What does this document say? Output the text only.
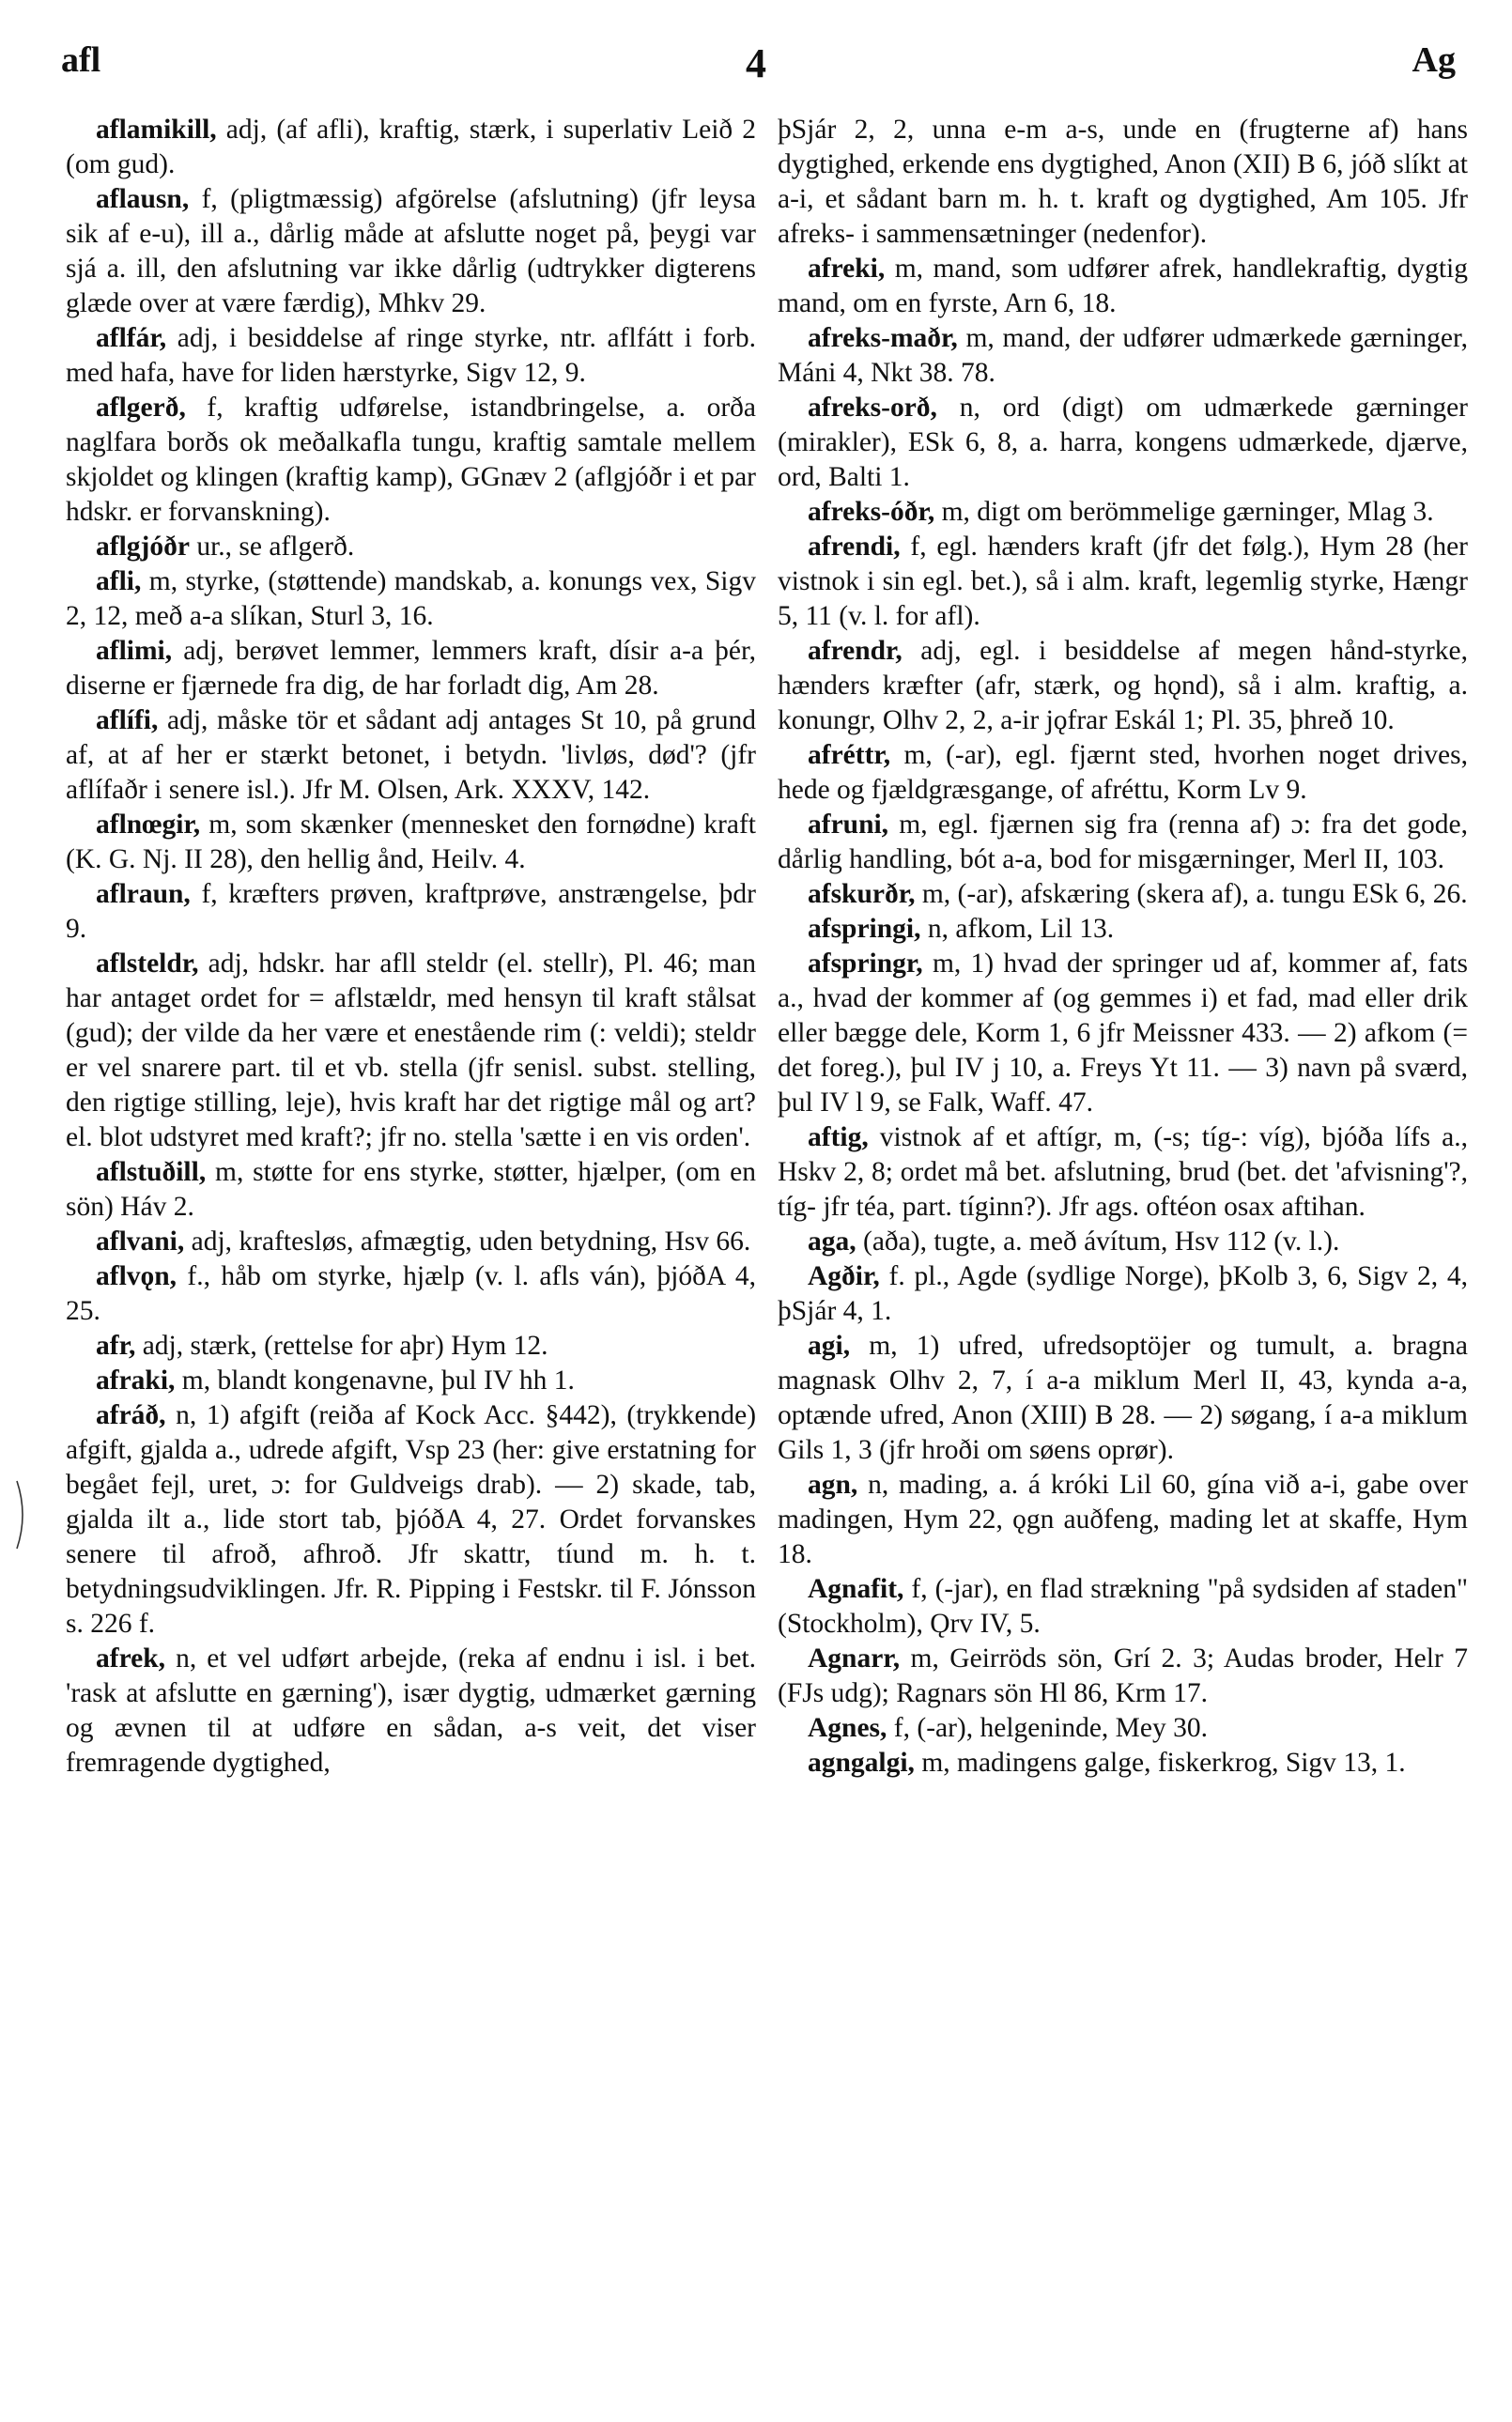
afl	4	Ag

aflamikill, adj, (af afli), kraftig, stærk, i superlativ Leið 2 (om gud).

aflausn, f, (pligtmæssig) afgörelse (afslutning) (jfr leysa sik af e-u), ill a., dårlig måde at afslutte noget på, þeygi var sjá a. ill, den afslutning var ikke dårlig (udtrykker digterens glæde over at være færdig), Mhkv 29.

aflfár, adj, i besiddelse af ringe styrke, ntr. aflfátt i forb. med hafa, have for liden hærstyrke, Sigv 12, 9.

aflgerð, f, kraftig udførelse, istandbringelse, a. orða naglfara borðs ok meðalkafla tungu, kraftig samtale mellem skjoldet og klingen (kraftig kamp), GGnæv 2 (aflgjóðr i et par hdskr. er forvanskning).

aflgjóðr ur., se aflgerð.

afli, m, styrke, (støttende) mandskab, a. konungs vex, Sigv 2, 12, með a-a slíkan, Sturl 3, 16.

aflimi, adj, berøvet lemmer, lemmers kraft, dísir a-a þér, diserne er fjærnede fra dig, de har forladt dig, Am 28.

aflífi, adj, måske tör et sådant adj antages St 10, på grund af, at af her er stærkt betonet, i betydn. 'livløs, død'? (jfr aflífaðr i senere isl.). Jfr M. Olsen, Ark. XXXV, 142.

aflnœgir, m, som skænker (mennesket den fornødne) kraft (K. G. Nj. II 28), den hellig ånd, Heilv. 4.

aflraun, f, kræfters prøven, kraftprøve, anstrængelse, þdr 9.

aflsteldr, adj, hdskr. har afll steldr (el. stellr), Pl. 46; man har antaget ordet for = aflstældr, med hensyn til kraft stålsat (gud); der vilde da her være et enestående rim (: veldi); steldr er vel snarere part. til et vb. stella (jfr senisl. subst. stelling, den rigtige stilling, leje), hvis kraft har det rigtige mål og art? el. blot udstyret med kraft?; jfr no. stella 'sætte i en vis orden'.

aflstuðill, m, støtte for ens styrke, støtter, hjælper, (om en sön) Háv 2.

aflvani, adj, kraftesløs, afmægtig, uden betydning, Hsv 66.

aflvǫn, f., håb om styrke, hjælp (v. l. afls ván), þjóðA 4, 25.

afr, adj, stærk, (rettelse for aþr) Hym 12.

afraki, m, blandt kongenavne, þul IV hh 1.

afráð, n, 1) afgift (reiða af Kock Acc. §442), (trykkende) afgift, gjalda a., udrede afgift, Vsp 23 (her: give erstatning for begået fejl, uret, ɔ: for Guldveigs drab). — 2) skade, tab, gjalda ilt a., lide stort tab, þjóðA 4, 27. Ordet forvanskes senere til afroð, afhroð. Jfr skattr, tíund m. h. t. betydningsudviklingen. Jfr. R. Pipping i Festskr. til F. Jónsson s. 226 f.

afrek, n, et vel udført arbejde, (reka af endnu i isl. i bet. 'rask at afslutte en gærning'), især dygtig, udmærket gærning og ævnen til at udføre en sådan, a-s veit, det viser fremragende dygtighed,

þSjár 2, 2, unna e-m a-s, unde en (frugterne af) hans dygtighed, erkende ens dygtighed, Anon (XII) B 6, jóð slíkt at a-i, et sådant barn m. h. t. kraft og dygtighed, Am 105. Jfr afreks- i sammensætninger (nedenfor).

afreki, m, mand, som udfører afrek, handlekraftig, dygtig mand, om en fyrste, Arn 6, 18.

afreks-maðr, m, mand, der udfører udmærkede gærninger, Máni 4, Nkt 38. 78.

afreks-orð, n, ord (digt) om udmærkede gærninger (mirakler), ESk 6, 8, a. harra, kongens udmærkede, djærve, ord, Balti 1.

afreks-óðr, m, digt om berömmelige gærninger, Mlag 3.

afrendi, f, egl. hænders kraft (jfr det følg.), Hym 28 (her vistnok i sin egl. bet.), så i alm. kraft, legemlig styrke, Hængr 5, 11 (v. l. for afl).

afrendr, adj, egl. i besiddelse af megen hånd-styrke, hænders kræfter (afr, stærk, og hǫnd), så i alm. kraftig, a. konungr, Olhv 2, 2, a-ir jǫfrar Eskál 1; Pl. 35, þhreð 10.

afréttr, m, (-ar), egl. fjærnt sted, hvorhen noget drives, hede og fjældgræsgange, of afréttu, Korm Lv 9.

afruni, m, egl. fjærnen sig fra (renna af) ɔ: fra det gode, dårlig handling, bót a-a, bod for misgærninger, Merl II, 103.

afskurðr, m, (-ar), afskæring (skera af), a. tungu ESk 6, 26.

afspringi, n, afkom, Lil 13.

afspringr, m, 1) hvad der springer ud af, kommer af, fats a., hvad der kommer af (og gemmes i) et fad, mad eller drik eller bægge dele, Korm 1, 6 jfr Meissner 433. — 2) afkom (= det foreg.), þul IV j 10, a. Freys Yt 11. — 3) navn på sværd, þul IV l 9, se Falk, Waff. 47.

aftig, vistnok af et aftígr, m, (-s; tíg-: víg), bjóða lífs a., Hskv 2, 8; ordet må bet. afslutning, brud (bet. det 'afvisning'?, tíg- jfr téa, part. tíginn?). Jfr ags. oftéon osax aftihan.

aga, (aða), tugte, a. með ávítum, Hsv 112 (v. l.).

Agðir, f. pl., Agde (sydlige Norge), þKolb 3, 6, Sigv 2, 4, þSjár 4, 1.

agi, m, 1) ufred, ufredsoptöjer og tumult, a. bragna magnask Olhv 2, 7, í a-a miklum Merl II, 43, kynda a-a, optænde ufred, Anon (XIII) B 28. — 2) søgang, í a-a miklum Gils 1, 3 (jfr hroði om søens oprør).

agn, n, mading, a. á króki Lil 60, gína við a-i, gabe over madingen, Hym 22, ǫgn auðfeng, mading let at skaffe, Hym 18.

Agnafit, f, (-jar), en flad strækning "på sydsiden af staden" (Stockholm), Ǫrv IV, 5.

Agnarr, m, Geirröds sön, Grí 2. 3; Audas broder, Helr 7 (FJs udg); Ragnars sön Hl 86, Krm 17.

Agnes, f, (-ar), helgeninde, Mey 30.

agngalgi, m, madingens galge, fiskerkrog, Sigv 13, 1.
